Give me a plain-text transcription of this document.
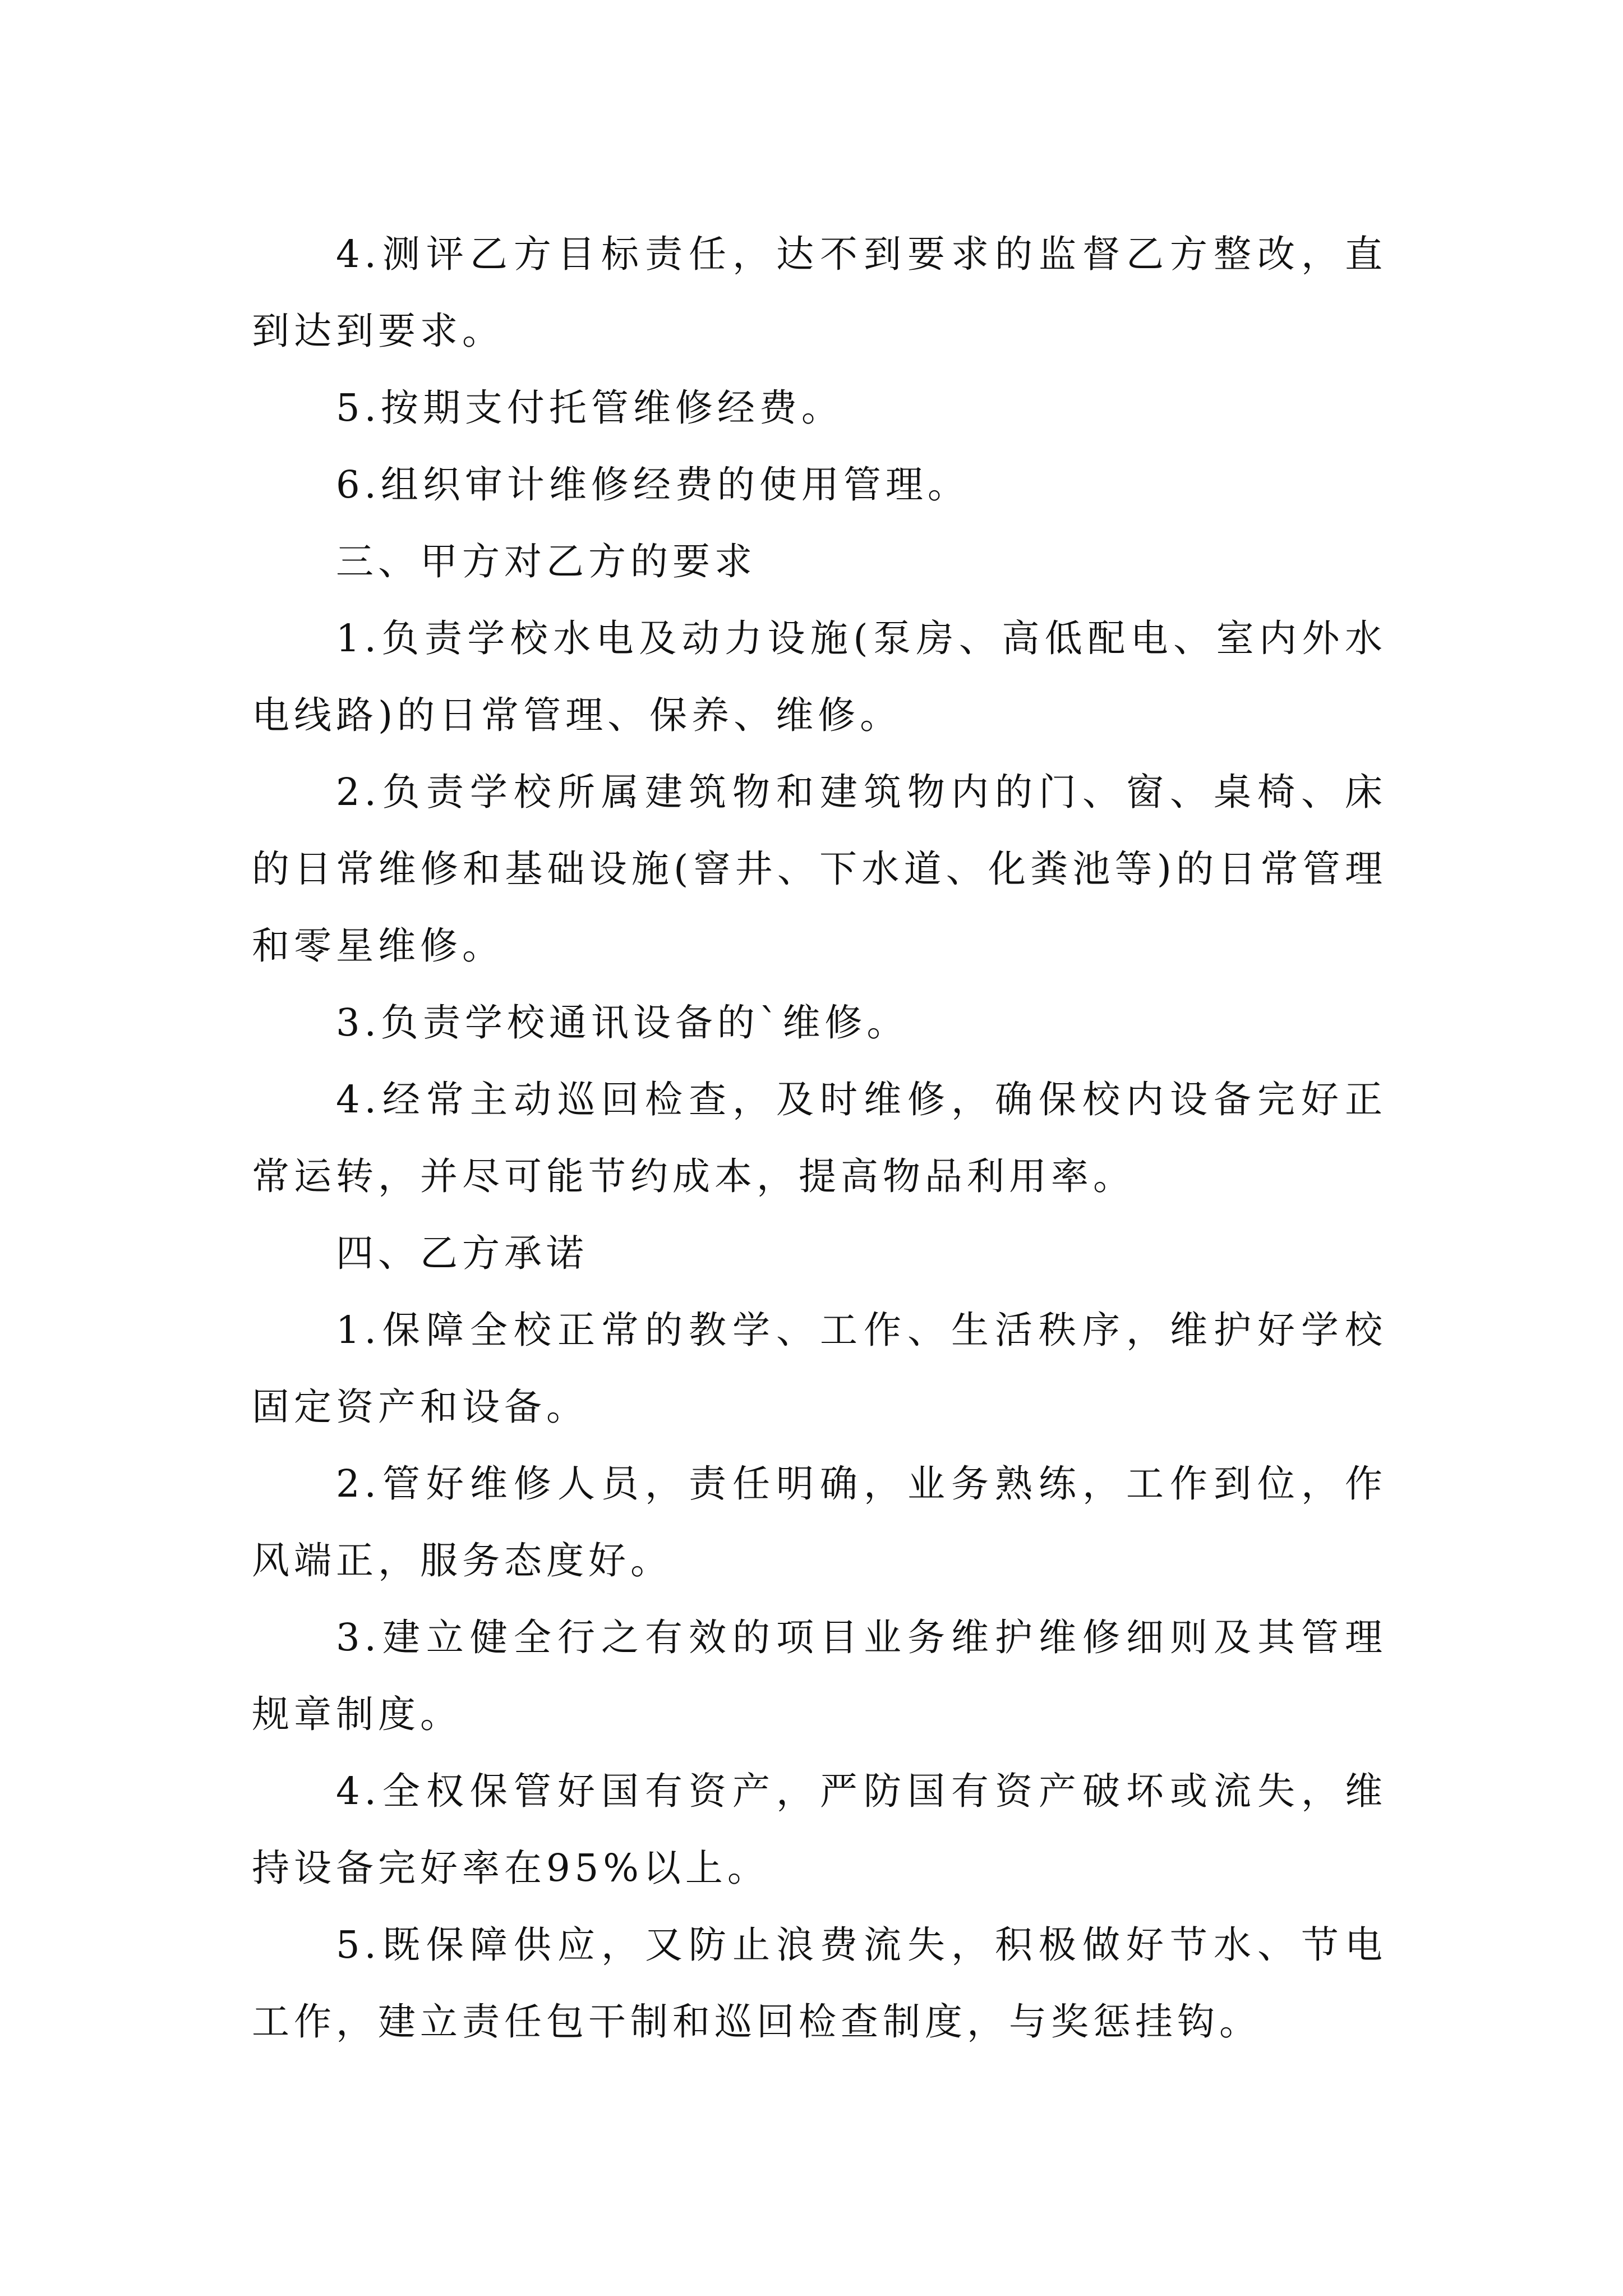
4.测评乙方目标责任，达不到要求的监督乙方整改，直到达到要求。

5.按期支付托管维修经费。

6.组织审计维修经费的使用管理。

三、甲方对乙方的要求

1.负责学校水电及动力设施(泵房、高低配电、室内外水电线路)的日常管理、保养、维修。

2.负责学校所属建筑物和建筑物内的门、窗、桌椅、床的日常维修和基础设施(窨井、下水道、化粪池等)的日常管理和零星维修。

3.负责学校通讯设备的`维修。

4.经常主动巡回检查，及时维修，确保校内设备完好正常运转，并尽可能节约成本，提高物品利用率。

四、乙方承诺

1.保障全校正常的教学、工作、生活秩序，维护好学校固定资产和设备。

2.管好维修人员，责任明确，业务熟练，工作到位，作风端正，服务态度好。

3.建立健全行之有效的项目业务维护维修细则及其管理规章制度。

4.全权保管好国有资产，严防国有资产破坏或流失，维持设备完好率在95%以上。

5.既保障供应，又防止浪费流失，积极做好节水、节电工作，建立责任包干制和巡回检查制度，与奖惩挂钩。
